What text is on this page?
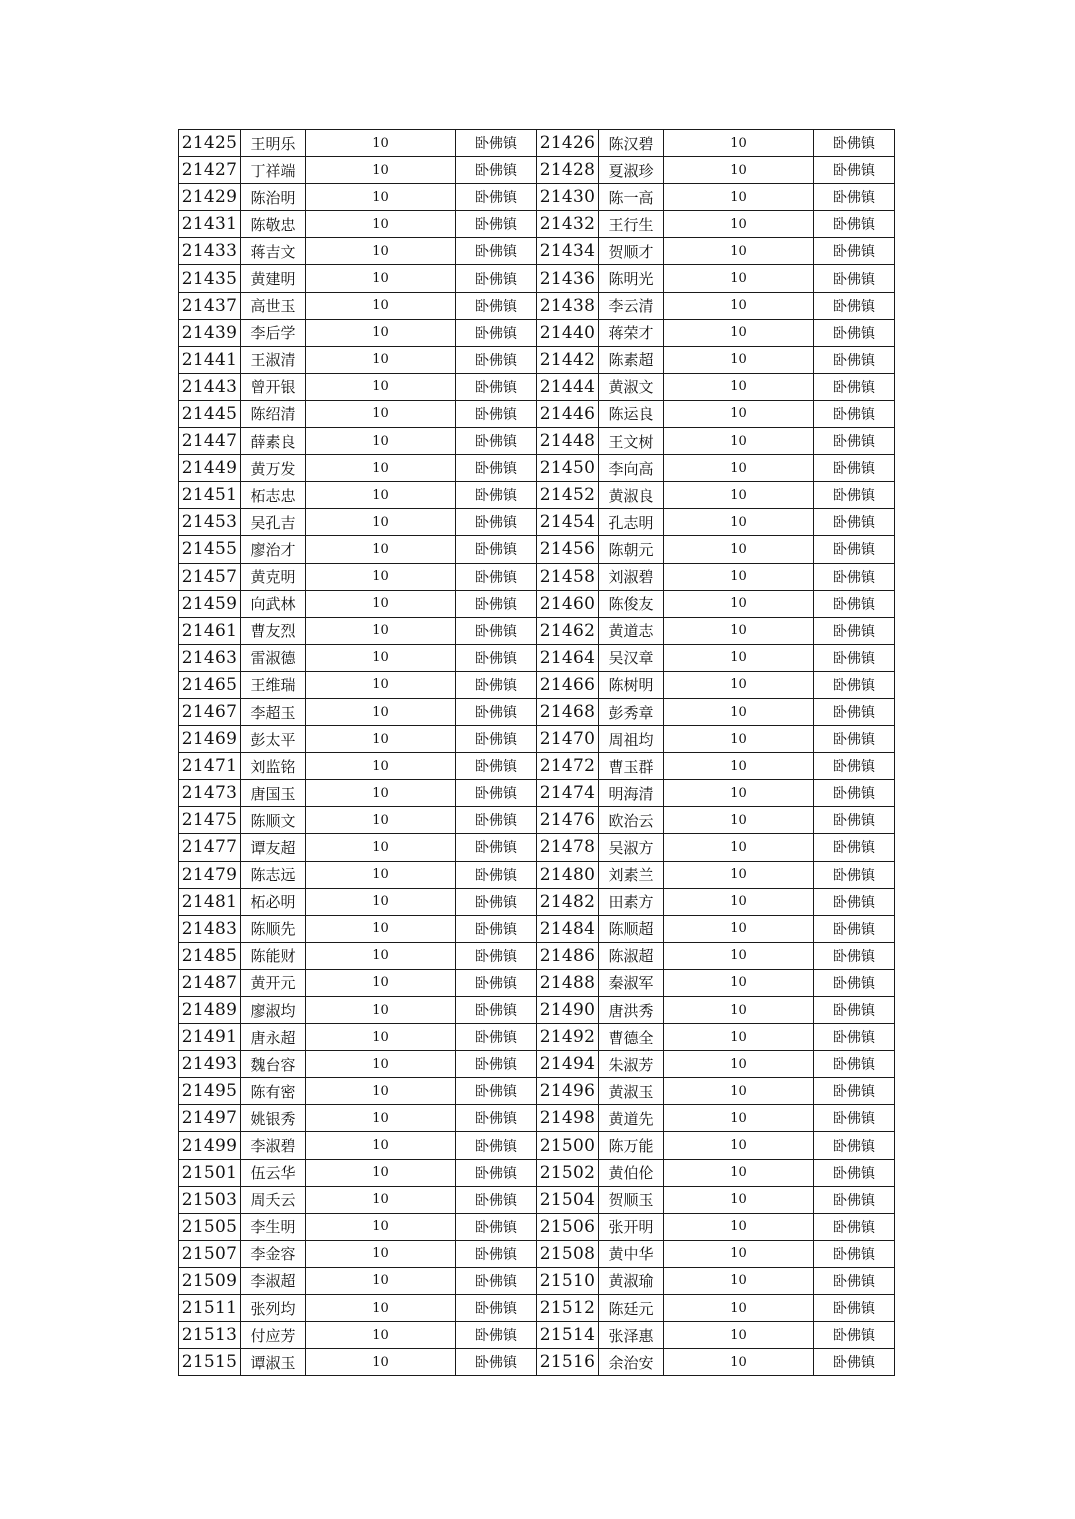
21425	王明乐	10	卧佛镇	21426	陈汉碧	10	卧佛镇
21427	丁祥端	10	卧佛镇	21428	夏淑珍	10	卧佛镇
21429	陈治明	10	卧佛镇	21430	陈一高	10	卧佛镇
21431	陈敬忠	10	卧佛镇	21432	王行生	10	卧佛镇
21433	蒋吉文	10	卧佛镇	21434	贺顺才	10	卧佛镇
21435	黄建明	10	卧佛镇	21436	陈明光	10	卧佛镇
21437	高世玉	10	卧佛镇	21438	李云清	10	卧佛镇
21439	李后学	10	卧佛镇	21440	蒋荣才	10	卧佛镇
21441	王淑清	10	卧佛镇	21442	陈素超	10	卧佛镇
21443	曾开银	10	卧佛镇	21444	黄淑文	10	卧佛镇
21445	陈绍清	10	卧佛镇	21446	陈运良	10	卧佛镇
21447	薛素良	10	卧佛镇	21448	王文树	10	卧佛镇
21449	黄万发	10	卧佛镇	21450	李向高	10	卧佛镇
21451	柘志忠	10	卧佛镇	21452	黄淑良	10	卧佛镇
21453	吴孔吉	10	卧佛镇	21454	孔志明	10	卧佛镇
21455	廖治才	10	卧佛镇	21456	陈朝元	10	卧佛镇
21457	黄克明	10	卧佛镇	21458	刘淑碧	10	卧佛镇
21459	向武林	10	卧佛镇	21460	陈俊友	10	卧佛镇
21461	曹友烈	10	卧佛镇	21462	黄道志	10	卧佛镇
21463	雷淑德	10	卧佛镇	21464	吴汉章	10	卧佛镇
21465	王维瑞	10	卧佛镇	21466	陈树明	10	卧佛镇
21467	李超玉	10	卧佛镇	21468	彭秀章	10	卧佛镇
21469	彭太平	10	卧佛镇	21470	周祖均	10	卧佛镇
21471	刘监铭	10	卧佛镇	21472	曹玉群	10	卧佛镇
21473	唐国玉	10	卧佛镇	21474	明海清	10	卧佛镇
21475	陈顺文	10	卧佛镇	21476	欧治云	10	卧佛镇
21477	谭友超	10	卧佛镇	21478	吴淑方	10	卧佛镇
21479	陈志远	10	卧佛镇	21480	刘素兰	10	卧佛镇
21481	柘必明	10	卧佛镇	21482	田素方	10	卧佛镇
21483	陈顺先	10	卧佛镇	21484	陈顺超	10	卧佛镇
21485	陈能财	10	卧佛镇	21486	陈淑超	10	卧佛镇
21487	黄开元	10	卧佛镇	21488	秦淑军	10	卧佛镇
21489	廖淑均	10	卧佛镇	21490	唐洪秀	10	卧佛镇
21491	唐永超	10	卧佛镇	21492	曹德全	10	卧佛镇
21493	魏台容	10	卧佛镇	21494	朱淑芳	10	卧佛镇
21495	陈有密	10	卧佛镇	21496	黄淑玉	10	卧佛镇
21497	姚银秀	10	卧佛镇	21498	黄道先	10	卧佛镇
21499	李淑碧	10	卧佛镇	21500	陈万能	10	卧佛镇
21501	伍云华	10	卧佛镇	21502	黄伯伦	10	卧佛镇
21503	周夭云	10	卧佛镇	21504	贺顺玉	10	卧佛镇
21505	李生明	10	卧佛镇	21506	张开明	10	卧佛镇
21507	李金容	10	卧佛镇	21508	黄中华	10	卧佛镇
21509	李淑超	10	卧佛镇	21510	黄淑瑜	10	卧佛镇
21511	张列均	10	卧佛镇	21512	陈廷元	10	卧佛镇
21513	付应芳	10	卧佛镇	21514	张泽惠	10	卧佛镇
21515	谭淑玉	10	卧佛镇	21516	余治安	10	卧佛镇
